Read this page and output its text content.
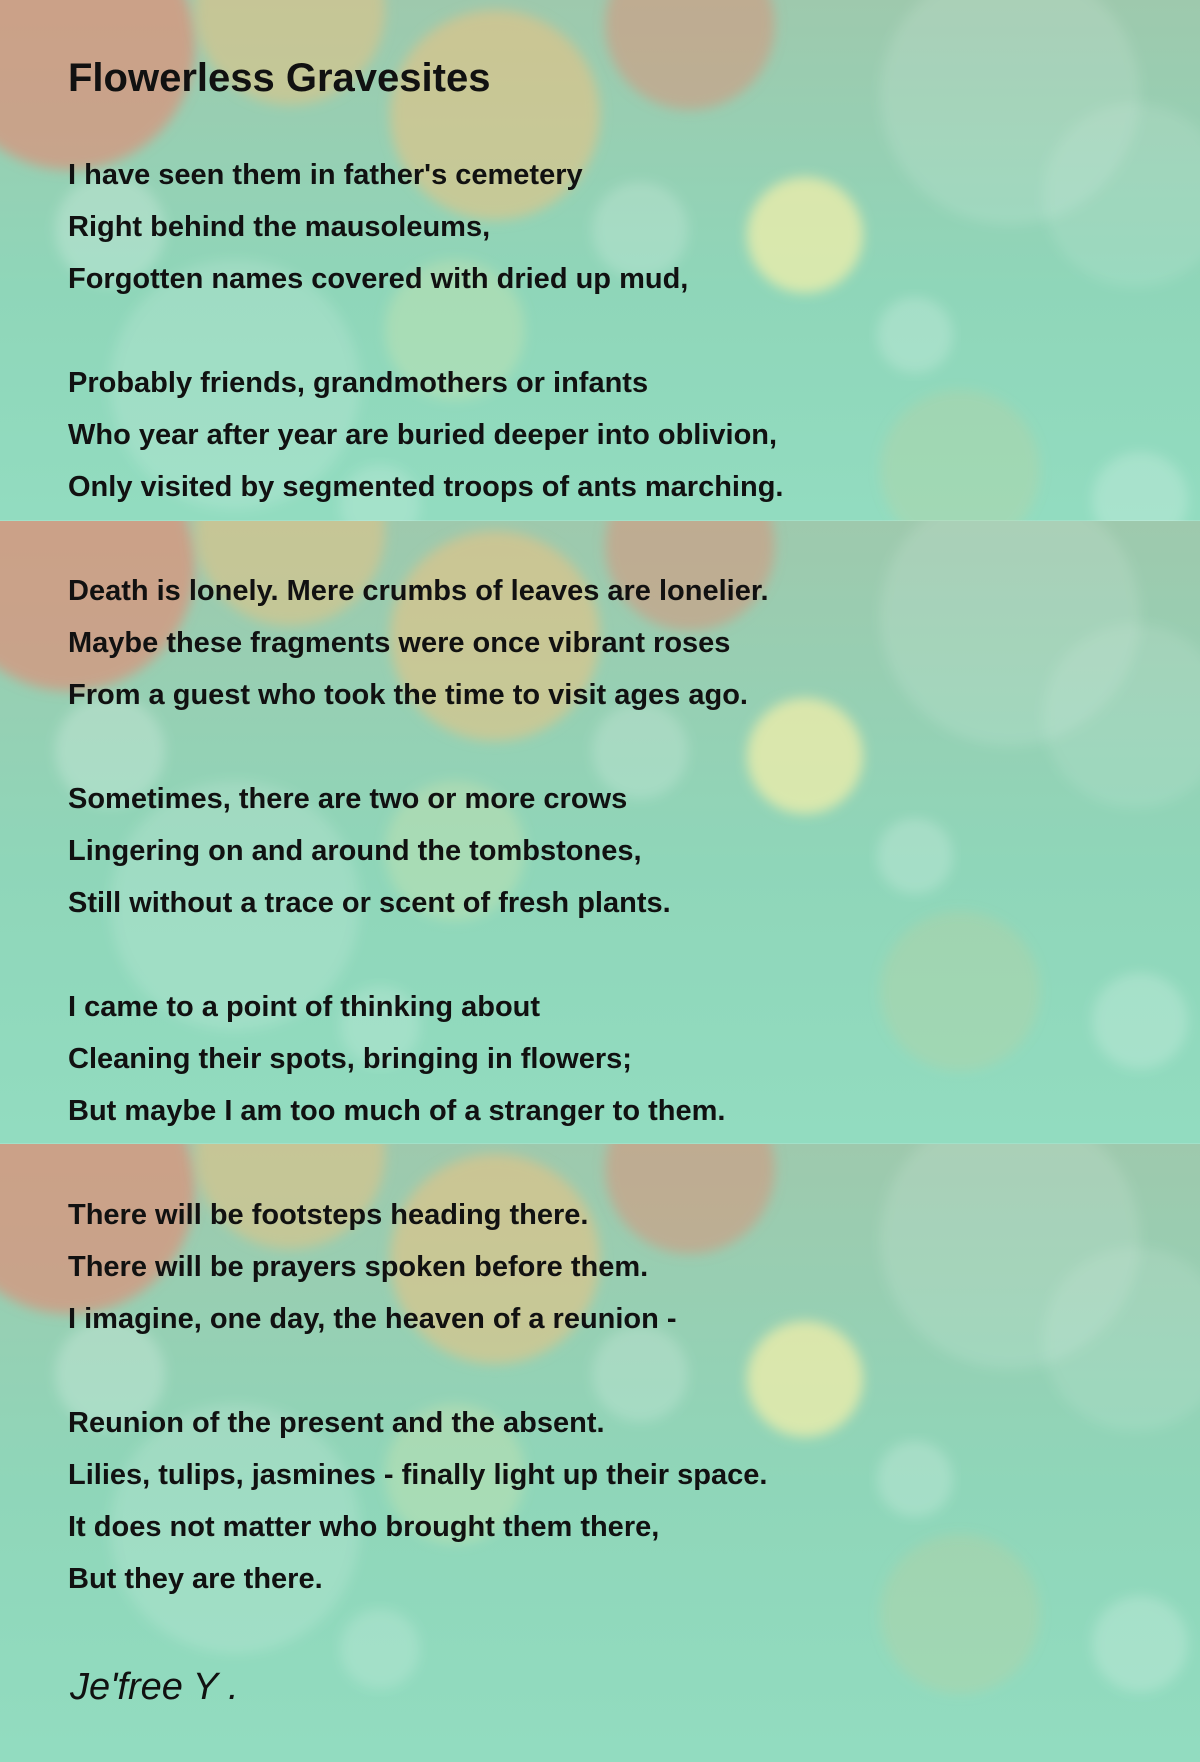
Flowerless Gravesites
I have seen them in father's cemetery
Right behind the mausoleums,
Forgotten names covered with dried up mud,
Probably friends, grandmothers or infants
Who year after year are buried deeper into oblivion,
Only visited by segmented troops of ants marching.
Death is lonely. Mere crumbs of leaves are lonelier.
Maybe these fragments were once vibrant roses
From a guest who took the time to visit ages ago.
Sometimes, there are two or more crows
Lingering on and around the tombstones,
Still without a trace or scent of fresh plants.
I came to a point of thinking about
Cleaning their spots, bringing in flowers;
But maybe I am too much of a stranger to them.
There will be footsteps heading there.
There will be prayers spoken before them.
I imagine, one day, the heaven of a reunion -
Reunion of the present and the absent.
Lilies, tulips, jasmines - finally light up their space.
It does not matter who brought them there,
But they are there.
Je'free Y .
